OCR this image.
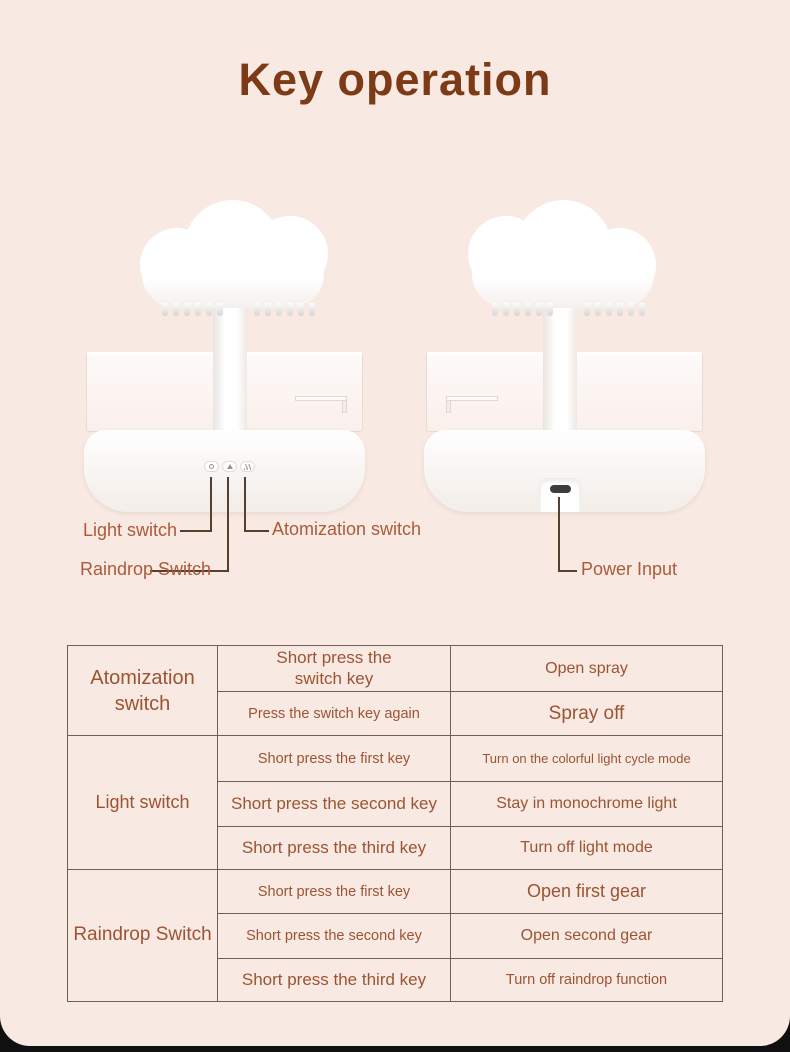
Key operation
Light switch	Atomization switch
Raindrop Switch	Power Input
Atomization switch	Short press the switch key	Open spray
	Press the switch key again	Spray off
Light switch	Short press the first key	Turn on the colorful light cycle mode
	Short press the second key	Stay in monochrome light
	Short press the third key	Turn off light mode
Raindrop Switch	Short press the first key	Open first gear
	Short press the second key	Open second gear
	Short press the third key	Turn off raindrop function
